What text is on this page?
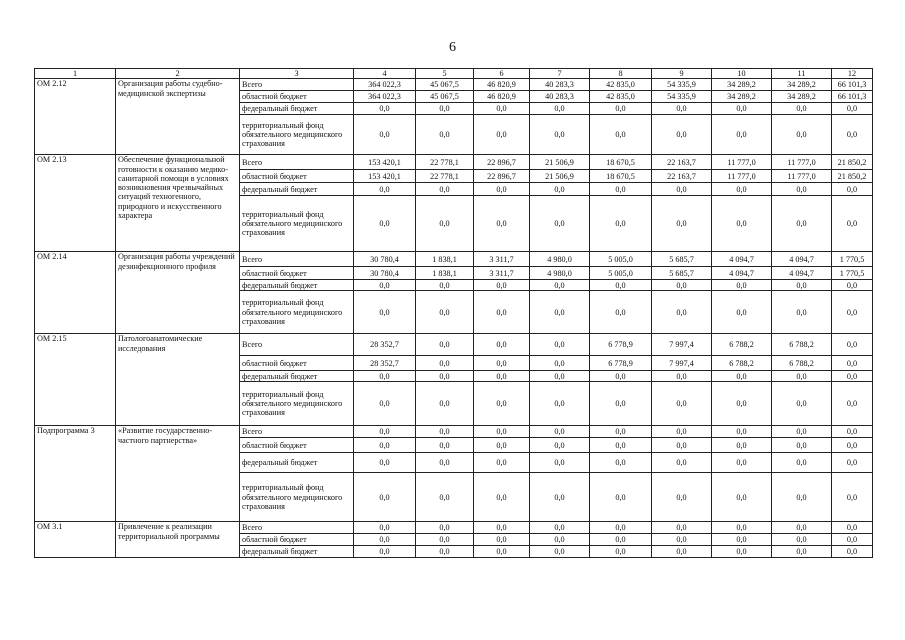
6
1	2	3	4	5	6	7	8	9	10	11	12
ОМ 2.12	Организация работы судебно-медицинской экспертизы	Всего	364 022,3	45 067,5	46 820,9	40 283,3	42 835,0	54 335,9	34 289,2	34 289,2	66 101,3
		областной бюджет	364 022,3	45 067,5	46 820,9	40 283,3	42 835,0	54 335,9	34 289,2	34 289,2	66 101,3
		федеральный бюджет	0,0	0,0	0,0	0,0	0,0	0,0	0,0	0,0	0,0
		территориальный фонд обязательного медицинского страхования	0,0	0,0	0,0	0,0	0,0	0,0	0,0	0,0	0,0
ОМ 2.13	Обеспечение функциональной готовности к оказанию медико-санитарной помощи в условиях возникновения чрезвычайных ситуаций техногенного, природного и искусственного характера	Всего	153 420,1	22 778,1	22 896,7	21 506,9	18 670,5	22 163,7	11 777,0	11 777,0	21 850,2
		областной бюджет	153 420,1	22 778,1	22 896,7	21 506,9	18 670,5	22 163,7	11 777,0	11 777,0	21 850,2
		федеральный бюджет	0,0	0,0	0,0	0,0	0,0	0,0	0,0	0,0	0,0
		территориальный фонд обязательного медицинского страхования	0,0	0,0	0,0	0,0	0,0	0,0	0,0	0,0	0,0
ОМ 2.14	Организация работы учреждений дезинфекционного профиля	Всего	30 780,4	1 838,1	3 311,7	4 980,0	5 005,0	5 685,7	4 094,7	4 094,7	1 770,5
		областной бюджет	30 780,4	1 838,1	3 311,7	4 980,0	5 005,0	5 685,7	4 094,7	4 094,7	1 770,5
		федеральный бюджет	0,0	0,0	0,0	0,0	0,0	0,0	0,0	0,0	0,0
		территориальный фонд обязательного медицинского страхования	0,0	0,0	0,0	0,0	0,0	0,0	0,0	0,0	0,0
ОМ 2.15	Патологоанатомические исследования	Всего	28 352,7	0,0	0,0	0,0	6 778,9	7 997,4	6 788,2	6 788,2	0,0
		областной бюджет	28 352,7	0,0	0,0	0,0	6 778,9	7 997,4	6 788,2	6 788,2	0,0
		федеральный бюджет	0,0	0,0	0,0	0,0	0,0	0,0	0,0	0,0	0,0
		территориальный фонд обязательного медицинского страхования	0,0	0,0	0,0	0,0	0,0	0,0	0,0	0,0	0,0
Подпрограмма 3	«Развитие государственно-частного партнерства»	Всего	0,0	0,0	0,0	0,0	0,0	0,0	0,0	0,0	0,0
		областной бюджет	0,0	0,0	0,0	0,0	0,0	0,0	0,0	0,0	0,0
		федеральный бюджет	0,0	0,0	0,0	0,0	0,0	0,0	0,0	0,0	0,0
		территориальный фонд обязательного медицинского страхования	0,0	0,0	0,0	0,0	0,0	0,0	0,0	0,0	0,0
ОМ 3.1	Привлечение к реализации территориальной программы	Всего	0,0	0,0	0,0	0,0	0,0	0,0	0,0	0,0	0,0
		областной бюджет	0,0	0,0	0,0	0,0	0,0	0,0	0,0	0,0	0,0
		федеральный бюджет	0,0	0,0	0,0	0,0	0,0	0,0	0,0	0,0	0,0
